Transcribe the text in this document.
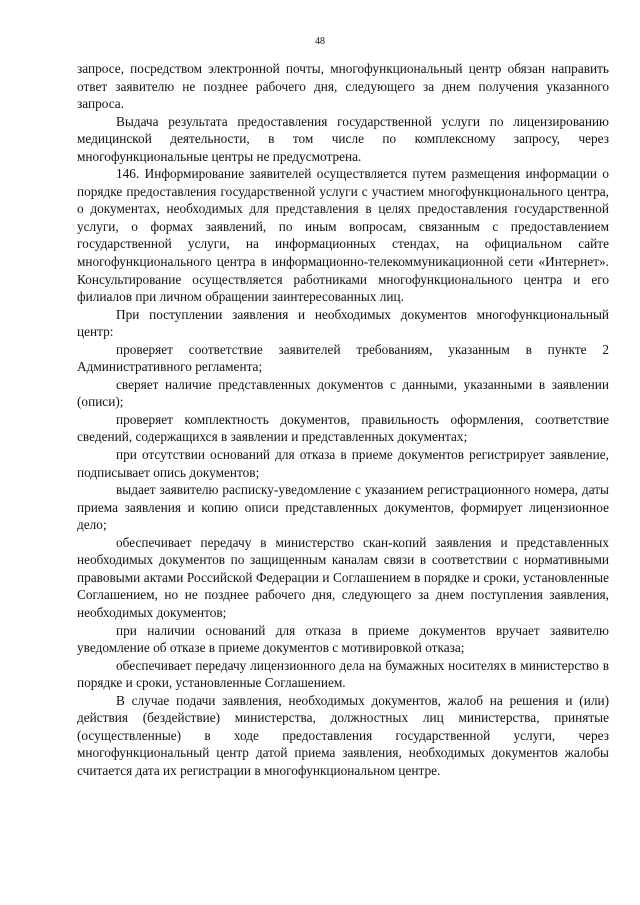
48

запросе, посредством электронной почты, многофункциональный центр обязан направить ответ заявителю не позднее рабочего дня, следующего за днем получения указанного запроса.

Выдача результата предоставления государственной услуги по лицензированию медицинской деятельности, в том числе по комплексному запросу, через многофункциональные центры не предусмотрена.

146. Информирование заявителей осуществляется путем размещения информации о порядке предоставления государственной услуги с участием многофункционального центра, о документах, необходимых для представления в целях предоставления государственной услуги, о формах заявлений, по иным вопросам, связанным с предоставлением государственной услуги, на информационных стендах, на официальном сайте многофункционального центра в информационно-телекоммуникационной сети «Интернет». Консультирование осуществляется работниками многофункционального центра и его филиалов при личном обращении заинтересованных лиц.

При поступлении заявления и необходимых документов многофункциональный центр:

проверяет соответствие заявителей требованиям, указанным в пункте 2 Административного регламента;

сверяет наличие представленных документов с данными, указанными в заявлении (описи);

проверяет комплектность документов, правильность оформления, соответствие сведений, содержащихся в заявлении и представленных документах;

при отсутствии оснований для отказа в приеме документов регистрирует заявление, подписывает опись документов;

выдает заявителю расписку-уведомление с указанием регистрационного номера, даты приема заявления и копию описи представленных документов, формирует лицензионное дело;

обеспечивает передачу в министерство скан-копий заявления и представленных необходимых документов по защищенным каналам связи в соответствии с нормативными правовыми актами Российской Федерации и Соглашением в порядке и сроки, установленные Соглашением, но не позднее рабочего дня, следующего за днем поступления заявления, необходимых документов;

при наличии оснований для отказа в приеме документов вручает заявителю уведомление об отказе в приеме документов с мотивировкой отказа;

обеспечивает передачу лицензионного дела на бумажных носителях в министерство в порядке и сроки, установленные Соглашением.

В случае подачи заявления, необходимых документов, жалоб на решения и (или) действия (бездействие) министерства, должностных лиц министерства, принятые (осуществленные) в ходе предоставления государственной услуги, через многофункциональный центр датой приема заявления, необходимых документов жалобы считается дата их регистрации в многофункциональном центре.
